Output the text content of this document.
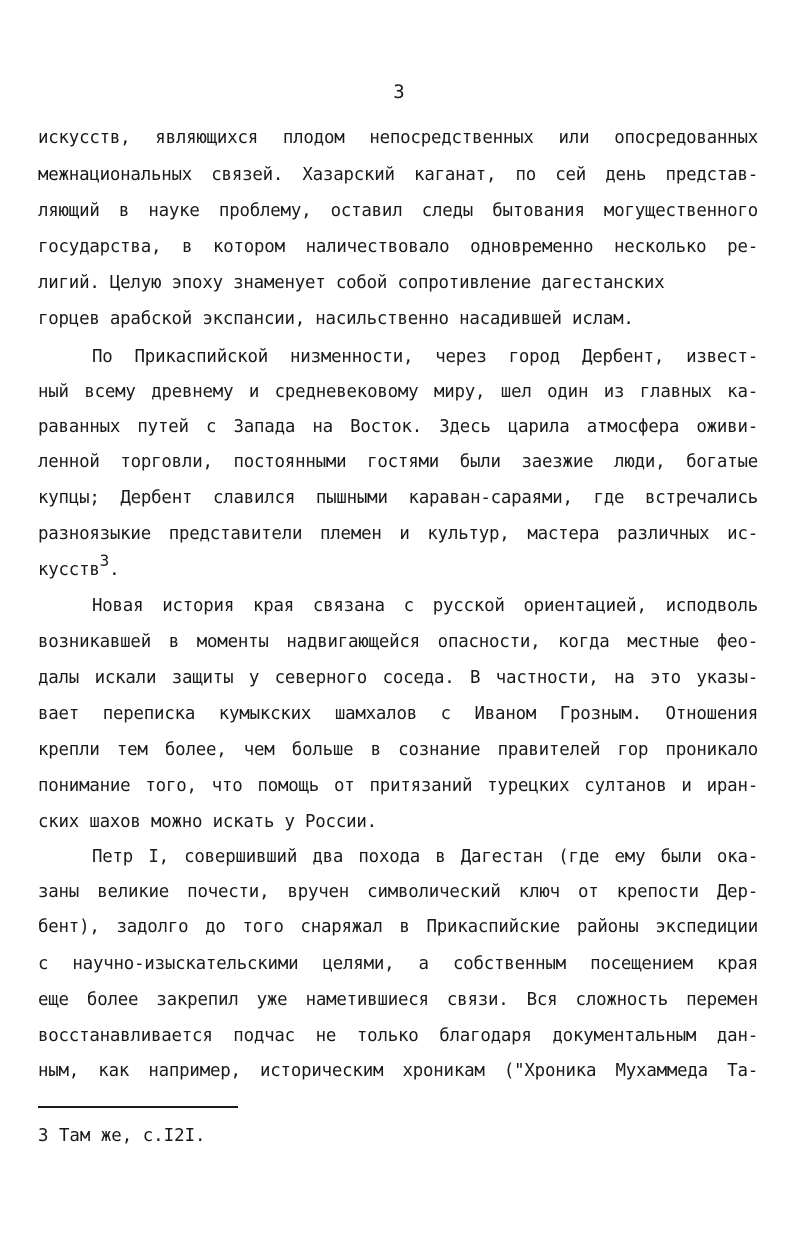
3
искусств, являющихся плодом непосредственных или опосредованных
межнациональных связей. Хазарский каганат, по сей день представ-
ляющий в науке проблему, оставил следы бытования могущественного
государства, в котором наличествовало одновременно несколько ре-
лигий. Целую эпоху знаменует собой сопротивление дагестанских
горцев арабской экспансии, насильственно насадившей ислам.
По Прикаспийской низменности, через город Дербент, извест-
ный всему древнему и средневековому миру, шел один из главных ка-
раванных путей с Запада на Восток. Здесь царила атмосфера оживи-
ленной торговли, постоянными гостями были заезжие люди, богатые
купцы; Дербент славился пышными караван-сараями, где встречались
разноязыкие представители племен и культур, мастера различных ис-
кусств3.
Новая история края связана с русской ориентацией, исподволь
возникавшей в моменты надвигающейся опасности, когда местные фео-
далы искали защиты у северного соседа. В частности, на это указы-
вает переписка кумыкских шамхалов с Иваном Грозным. Отношения
крепли тем более, чем больше в сознание правителей гор проникало
понимание того, что помощь от притязаний турецких султанов и иран-
ских шахов можно искать у России.
Петр I, совершивший два похода в Дагестан (где ему были ока-
заны великие почести, вручен символический ключ от крепости Дер-
бент), задолго до того снаряжал в Прикаспийские районы экспедиции
с научно-изыскательскими целями, а собственным посещением края
еще более закрепил уже наметившиеся связи. Вся сложность перемен
восстанавливается подчас не только благодаря документальным дан-
ным, как например, историческим хроникам ("Хроника Мухаммеда Та-
3 Там же, с.I2I.
